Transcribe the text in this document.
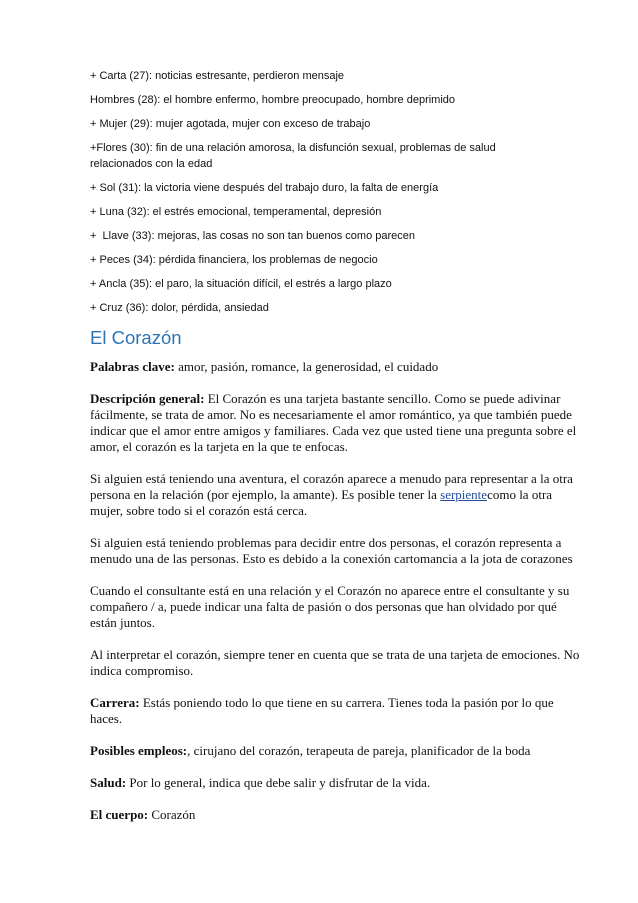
+ Carta (27): noticias estresante, perdieron mensaje

Hombres (28): el hombre enfermo, hombre preocupado, hombre deprimido

+ Mujer (29): mujer agotada, mujer con exceso de trabajo

+Flores (30): fin de una relación amorosa, la disfunción sexual, problemas de salud relacionados con la edad

+ Sol (31): la victoria viene después del trabajo duro, la falta de energía

+ Luna (32): el estrés emocional, temperamental, depresión

+  Llave (33): mejoras, las cosas no son tan buenos como parecen

+ Peces (34): pérdida financiera, los problemas de negocio

+ Ancla (35): el paro, la situación difícil, el estrés a largo plazo

+ Cruz (36): dolor, pérdida, ansiedad

El Corazón

Palabras clave: amor, pasión, romance, la generosidad, el cuidado

Descripción general: El Corazón es una tarjeta bastante sencillo. Como se puede adivinar fácilmente, se trata de amor. No es necesariamente el amor romántico, ya que también puede indicar que el amor entre amigos y familiares. Cada vez que usted tiene una pregunta sobre el amor, el corazón es la tarjeta en la que te enfocas.

Si alguien está teniendo una aventura, el corazón aparece a menudo para representar a la otra persona en la relación (por ejemplo, la amante). Es posible tener la serpientecomo la otra mujer, sobre todo si el corazón está cerca.

Si alguien está teniendo problemas para decidir entre dos personas, el corazón representa a menudo una de las personas. Esto es debido a la conexión cartomancia a la jota de corazones

Cuando el consultante está en una relación y el Corazón no aparece entre el consultante y su compañero / a, puede indicar una falta de pasión o dos personas que han olvidado por qué están juntos.

Al interpretar el corazón, siempre tener en cuenta que se trata de una tarjeta de emociones. No indica compromiso.

Carrera: Estás poniendo todo lo que tiene en su carrera. Tienes toda la pasión por lo que haces.

Posibles empleos:, cirujano del corazón, terapeuta de pareja, planificador de la boda

Salud: Por lo general, indica que debe salir y disfrutar de la vida.

El cuerpo: Corazón
